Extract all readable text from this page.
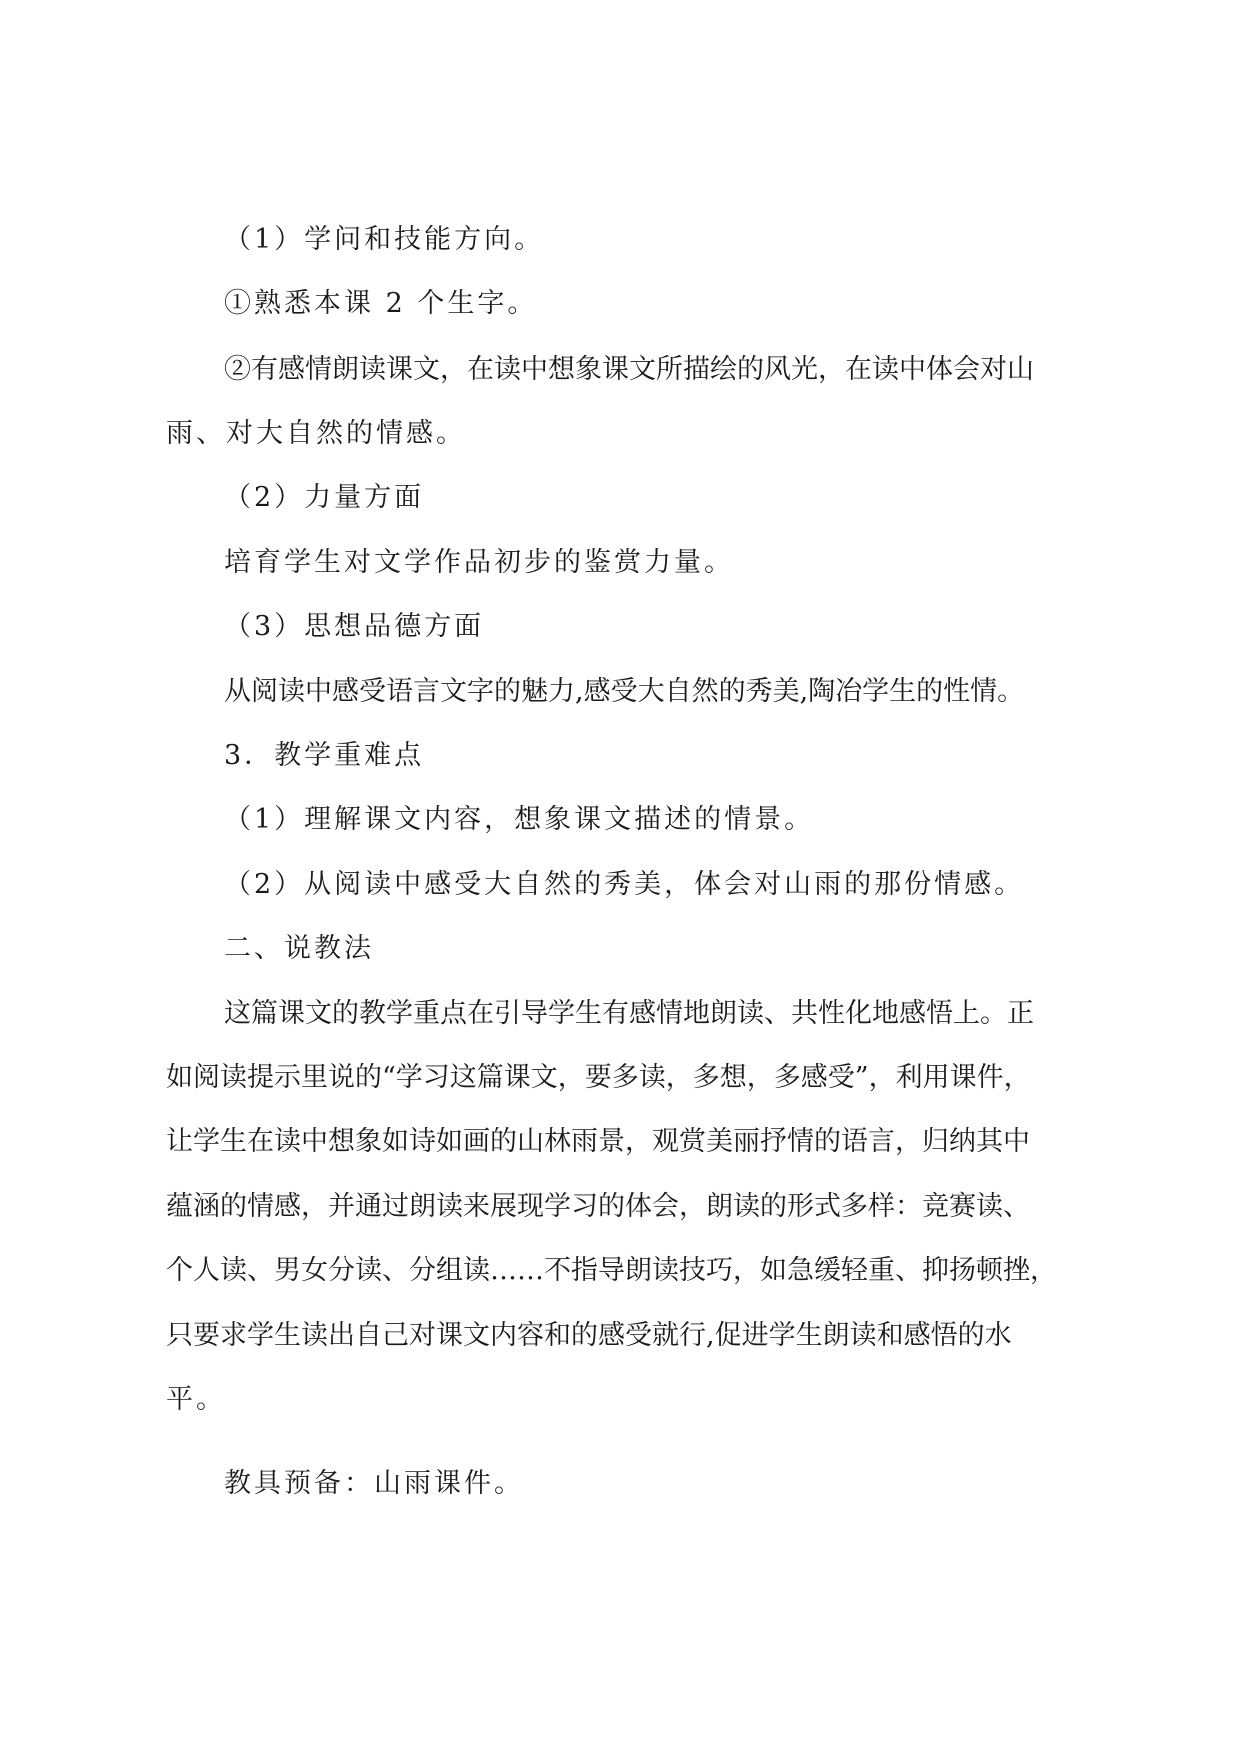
（1）学问和技能方向。
①熟悉本课 2 个生字。
②有感情朗读课文，在读中想象课文所描绘的风光，在读中体会对山
雨、对大自然的情感。
（2）力量方面
培育学生对文学作品初步的鉴赏力量。
（3）思想品德方面
从阅读中感受语言文字的魅力,感受大自然的秀美,陶冶学生的性情。
3．教学重难点
（1）理解课文内容，想象课文描述的情景。
（2）从阅读中感受大自然的秀美，体会对山雨的那份情感。
二、说教法
这篇课文的教学重点在引导学生有感情地朗读、共性化地感悟上。正
如阅读提示里说的“学习这篇课文，要多读，多想，多感受”，利用课件，
让学生在读中想象如诗如画的山林雨景，观赏美丽抒情的语言，归纳其中
蕴涵的情感，并通过朗读来展现学习的体会，朗读的形式多样：竞赛读、
个人读、男女分读、分组读……不指导朗读技巧，如急缓轻重、抑扬顿挫，
只要求学生读出自己对课文内容和的感受就行,促进学生朗读和感悟的水
平。
教具预备：山雨课件。
